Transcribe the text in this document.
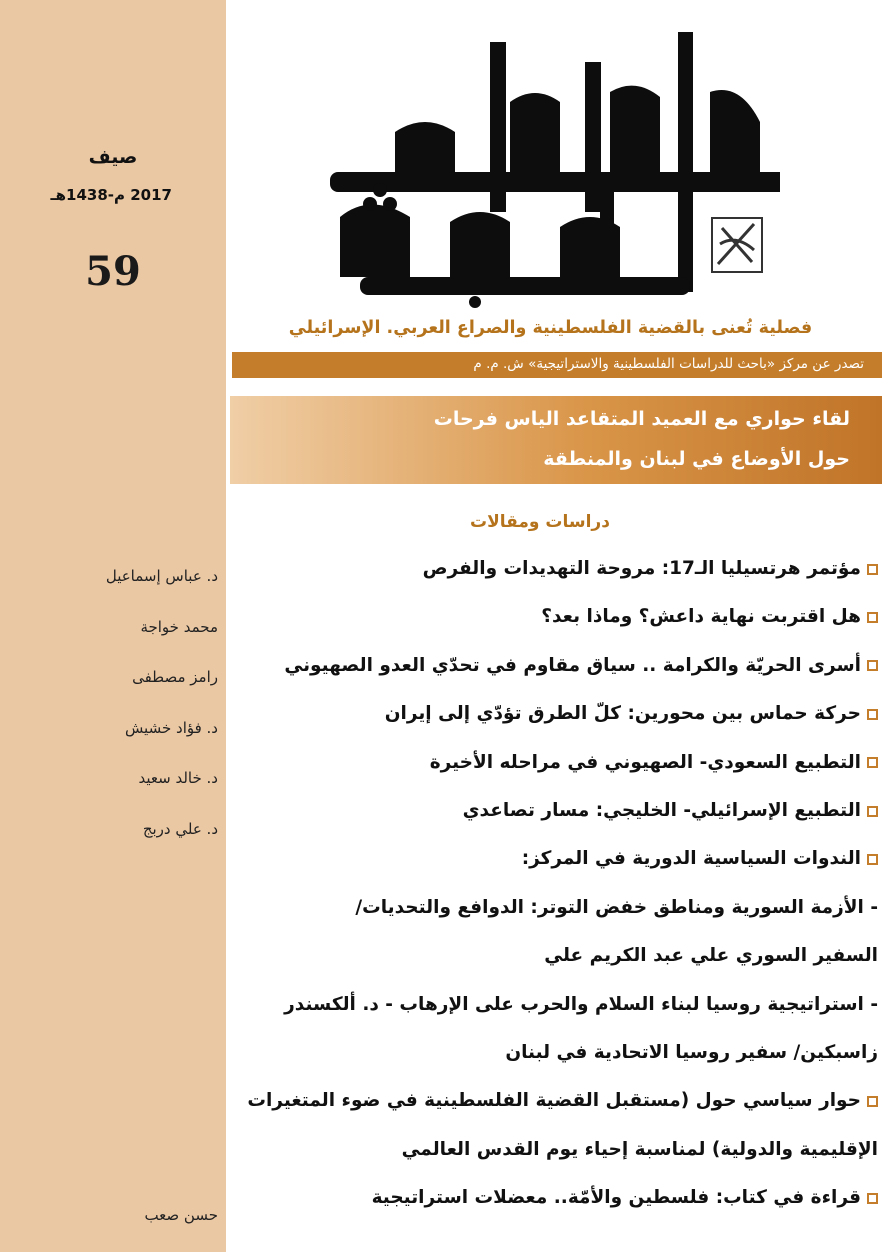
صيف
2017 م-1438هـ
59
د. عباس إسماعيل
محمد خواجة
رامز مصطفى
د. فؤاد خشيش
د. خالد سعيد
د. علي دربج
حسن صعب
فصلية تُعنى بالقضية الفلسطينية والصراع العربي. الإسرائيلي
تصدر عن مركز «باحث للدراسات الفلسطينية والاستراتيجية» ش. م. م
لقاء حواري مع العميد المتقاعد الياس فرحات
حول الأوضاع في لبنان والمنطقة
دراسات ومقالات
مؤتمر هرتسيليا الـ17: مروحة التهديدات والفرص
هل اقتربت نهاية داعش؟ وماذا بعد؟
أسرى الحريّة والكرامة .. سياق مقاوم في تحدّي العدو الصهيوني
حركة حماس بين محورين: كلّ الطرق تؤدّي إلى إيران
التطبيع السعودي- الصهيوني في مراحله الأخيرة
التطبيع الإسرائيلي- الخليجي: مسار تصاعدي
الندوات السياسية الدورية في المركز:
- الأزمة السورية ومناطق خفض التوتر: الدوافع والتحديات/
السفير السوري علي عبد الكريم علي
- استراتيجية روسيا لبناء السلام والحرب على الإرهاب - د. ألكسندر
زاسبكين/ سفير روسيا الاتحادية في لبنان
حوار سياسي حول (مستقبل القضية الفلسطينية في ضوء المتغيرات
الإقليمية والدولية) لمناسبة إحياء يوم القدس العالمي
قراءة في كتاب: فلسطين والأمّة.. معضلات استراتيجية
